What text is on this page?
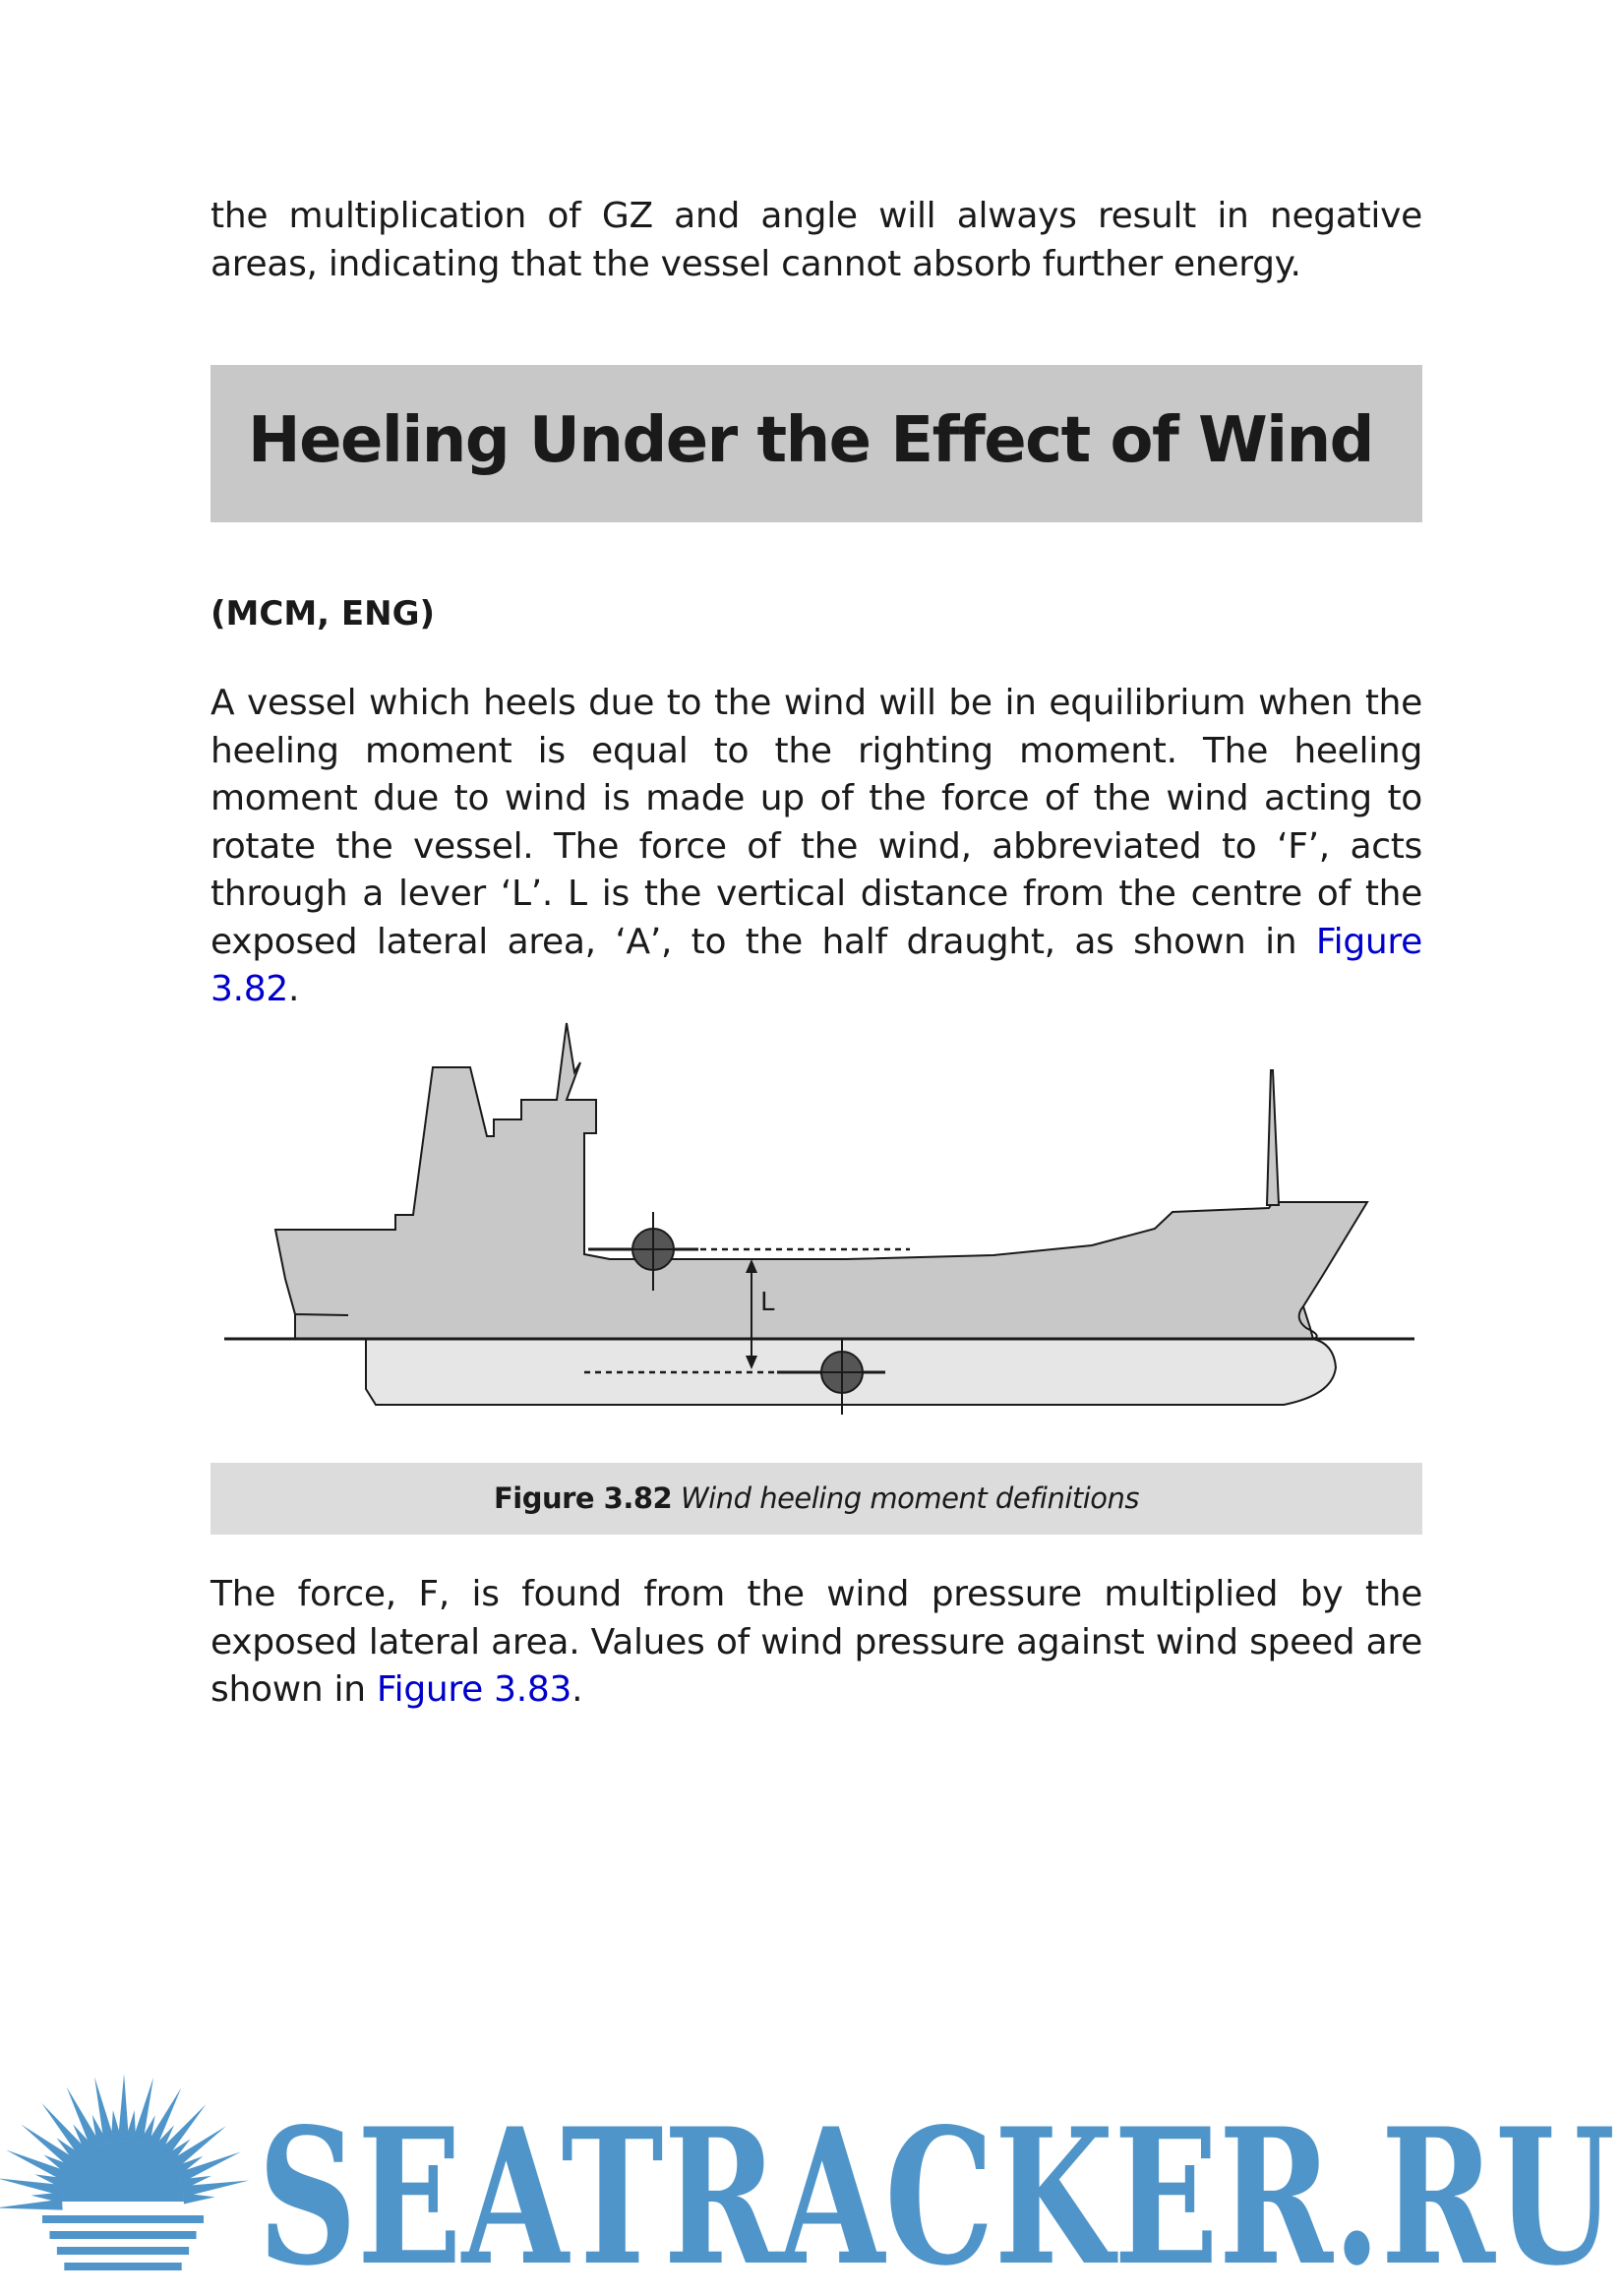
the multiplication of GZ and angle will always result in negative areas, indicating that the vessel cannot absorb further energy.

Heeling Under the Effect of Wind
(MCM, ENG)

A vessel which heels due to the wind will be in equilibrium when the heeling moment is equal to the righting moment. The heeling moment due to wind is made up of the force of the wind acting to rotate the vessel. The force of the wind, abbreviated to ‘F’, acts through a lever ‘L’. L is the vertical distance from the centre of the exposed lateral area, ‘A’, to the half draught, as shown in Figure 3.82.

L
Figure 3.82 Wind heeling moment definitions

The force, F, is found from the wind pressure multiplied by the exposed lateral area. Values of wind pressure against wind speed are shown in Figure 3.83.

SEATRACKER.RU
